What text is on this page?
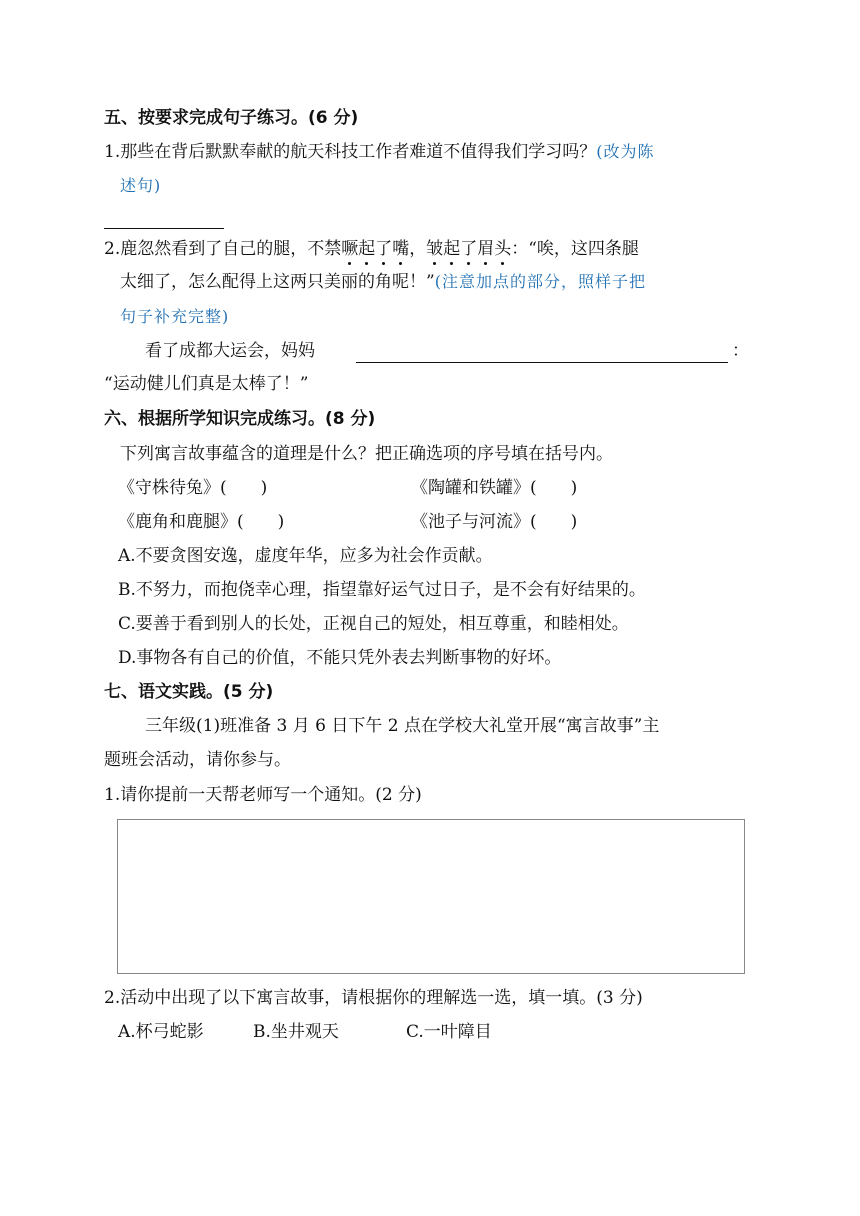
五、按要求完成句子练习。(6 分)
1.那些在背后默默奉献的航天科技工作者难道不值得我们学习吗？(改为陈
述句)
2.鹿忽然看到了自己的腿，不禁噘起了嘴，皱起了眉头：“唉，这四条腿
太细了，怎么配得上这两只美丽的角呢！”(注意加点的部分，照样子把
句子补充完整)
看了成都大运会，妈妈	：
“运动健儿们真是太棒了！”
六、根据所学知识完成练习。(8 分)
下列寓言故事蕴含的道理是什么？把正确选项的序号填在括号内。
《守株待兔》(　　)	《陶罐和铁罐》(　　)
《鹿角和鹿腿》(　　)	《池子与河流》(　　)
A.不要贪图安逸，虚度年华，应多为社会作贡献。
B.不努力，而抱侥幸心理，指望靠好运气过日子，是不会有好结果的。
C.要善于看到别人的长处，正视自己的短处，相互尊重，和睦相处。
D.事物各有自己的价值，不能只凭外表去判断事物的好坏。
七、语文实践。(5 分)
三年级(1)班准备 3 月 6 日下午 2 点在学校大礼堂开展“寓言故事”主
题班会活动，请你参与。
1.请你提前一天帮老师写一个通知。(2 分)
2.活动中出现了以下寓言故事，请根据你的理解选一选，填一填。(3 分)
A.杯弓蛇影	B.坐井观天	C.一叶障目
